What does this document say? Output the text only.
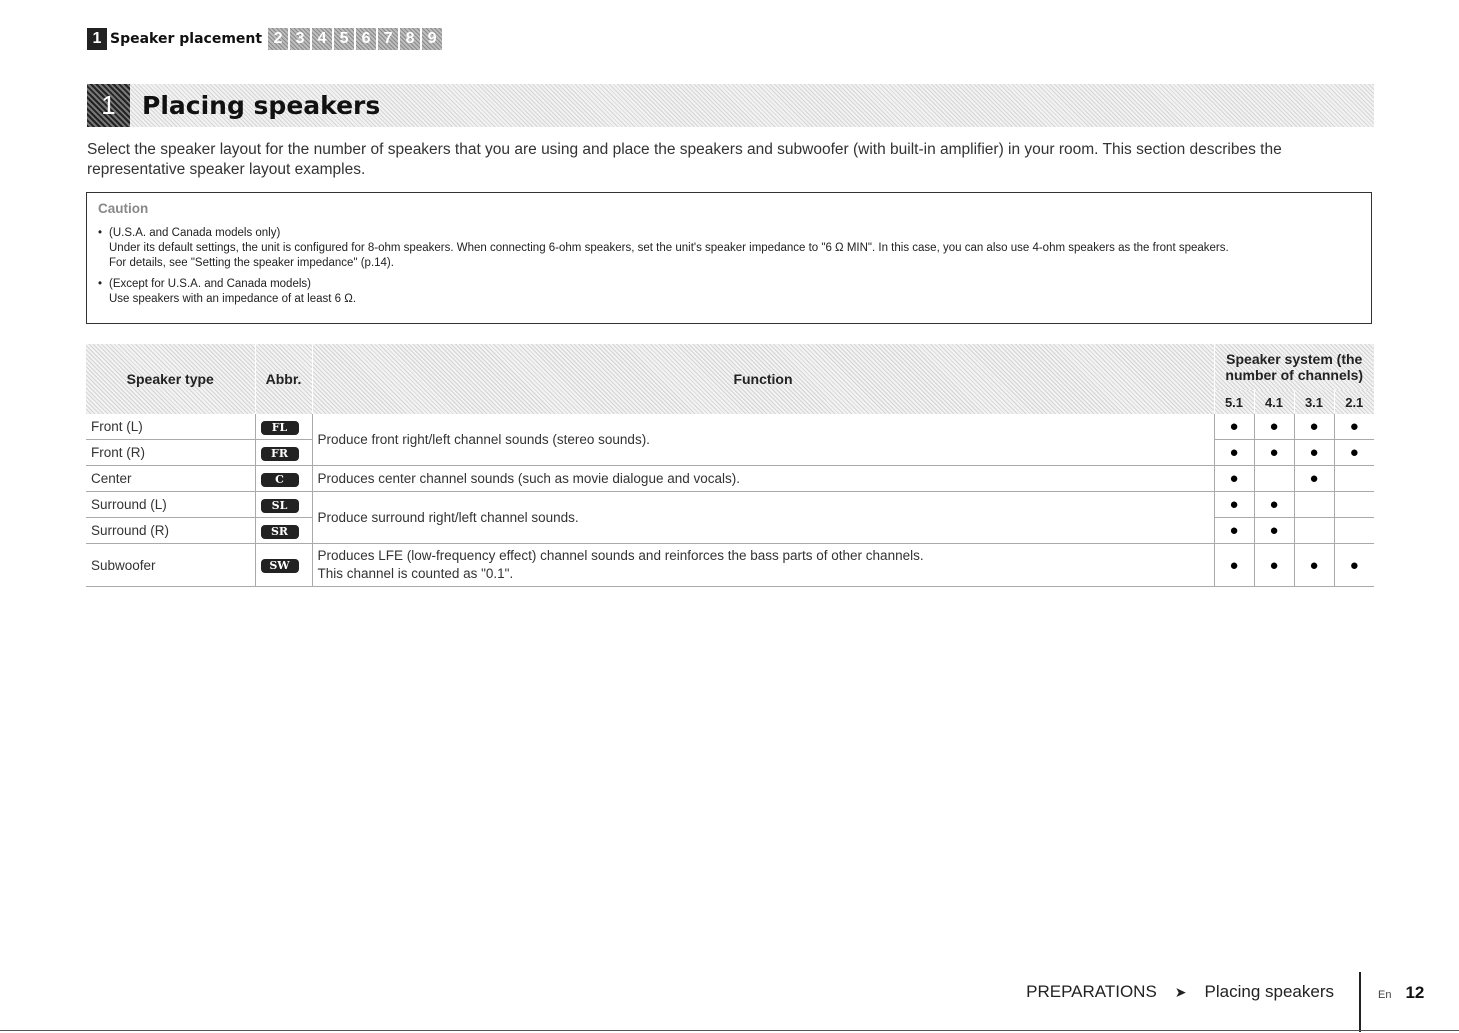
1 Speaker placement 2 3 4 5 6 7 8 9
1	Placing speakers
Select the speaker layout for the number of speakers that you are using and place the speakers and subwoofer (with built-in amplifier) in your room. This section describes the representative speaker layout examples.
Caution
• (U.S.A. and Canada models only)
Under its default settings, the unit is configured for 8-ohm speakers. When connecting 6-ohm speakers, set the unit's speaker impedance to "6 Ω MIN". In this case, you can also use 4-ohm speakers as the front speakers.
For details, see "Setting the speaker impedance" (p.14).
• (Except for U.S.A. and Canada models)
Use speakers with an impedance of at least 6 Ω.
Speaker type	Abbr.	Function	Speaker system (the number of channels)			
			5.1	4.1	3.1	2.1
Front (L)	FL	Produce front right/left channel sounds (stereo sounds).	●	●	●	●
Front (R)	FR		●	●	●	●
Center	C	Produces center channel sounds (such as movie dialogue and vocals).	●		●	
Surround (L)	SL	Produce surround right/left channel sounds.	●	●		
Surround (R)	SR		●	●		
Subwoofer	SW	Produces LFE (low-frequency effect) channel sounds and reinforces the bass parts of other channels.
This channel is counted as "0.1".	●	●	●	●
PREPARATIONS ➤ Placing speakers	En 12
